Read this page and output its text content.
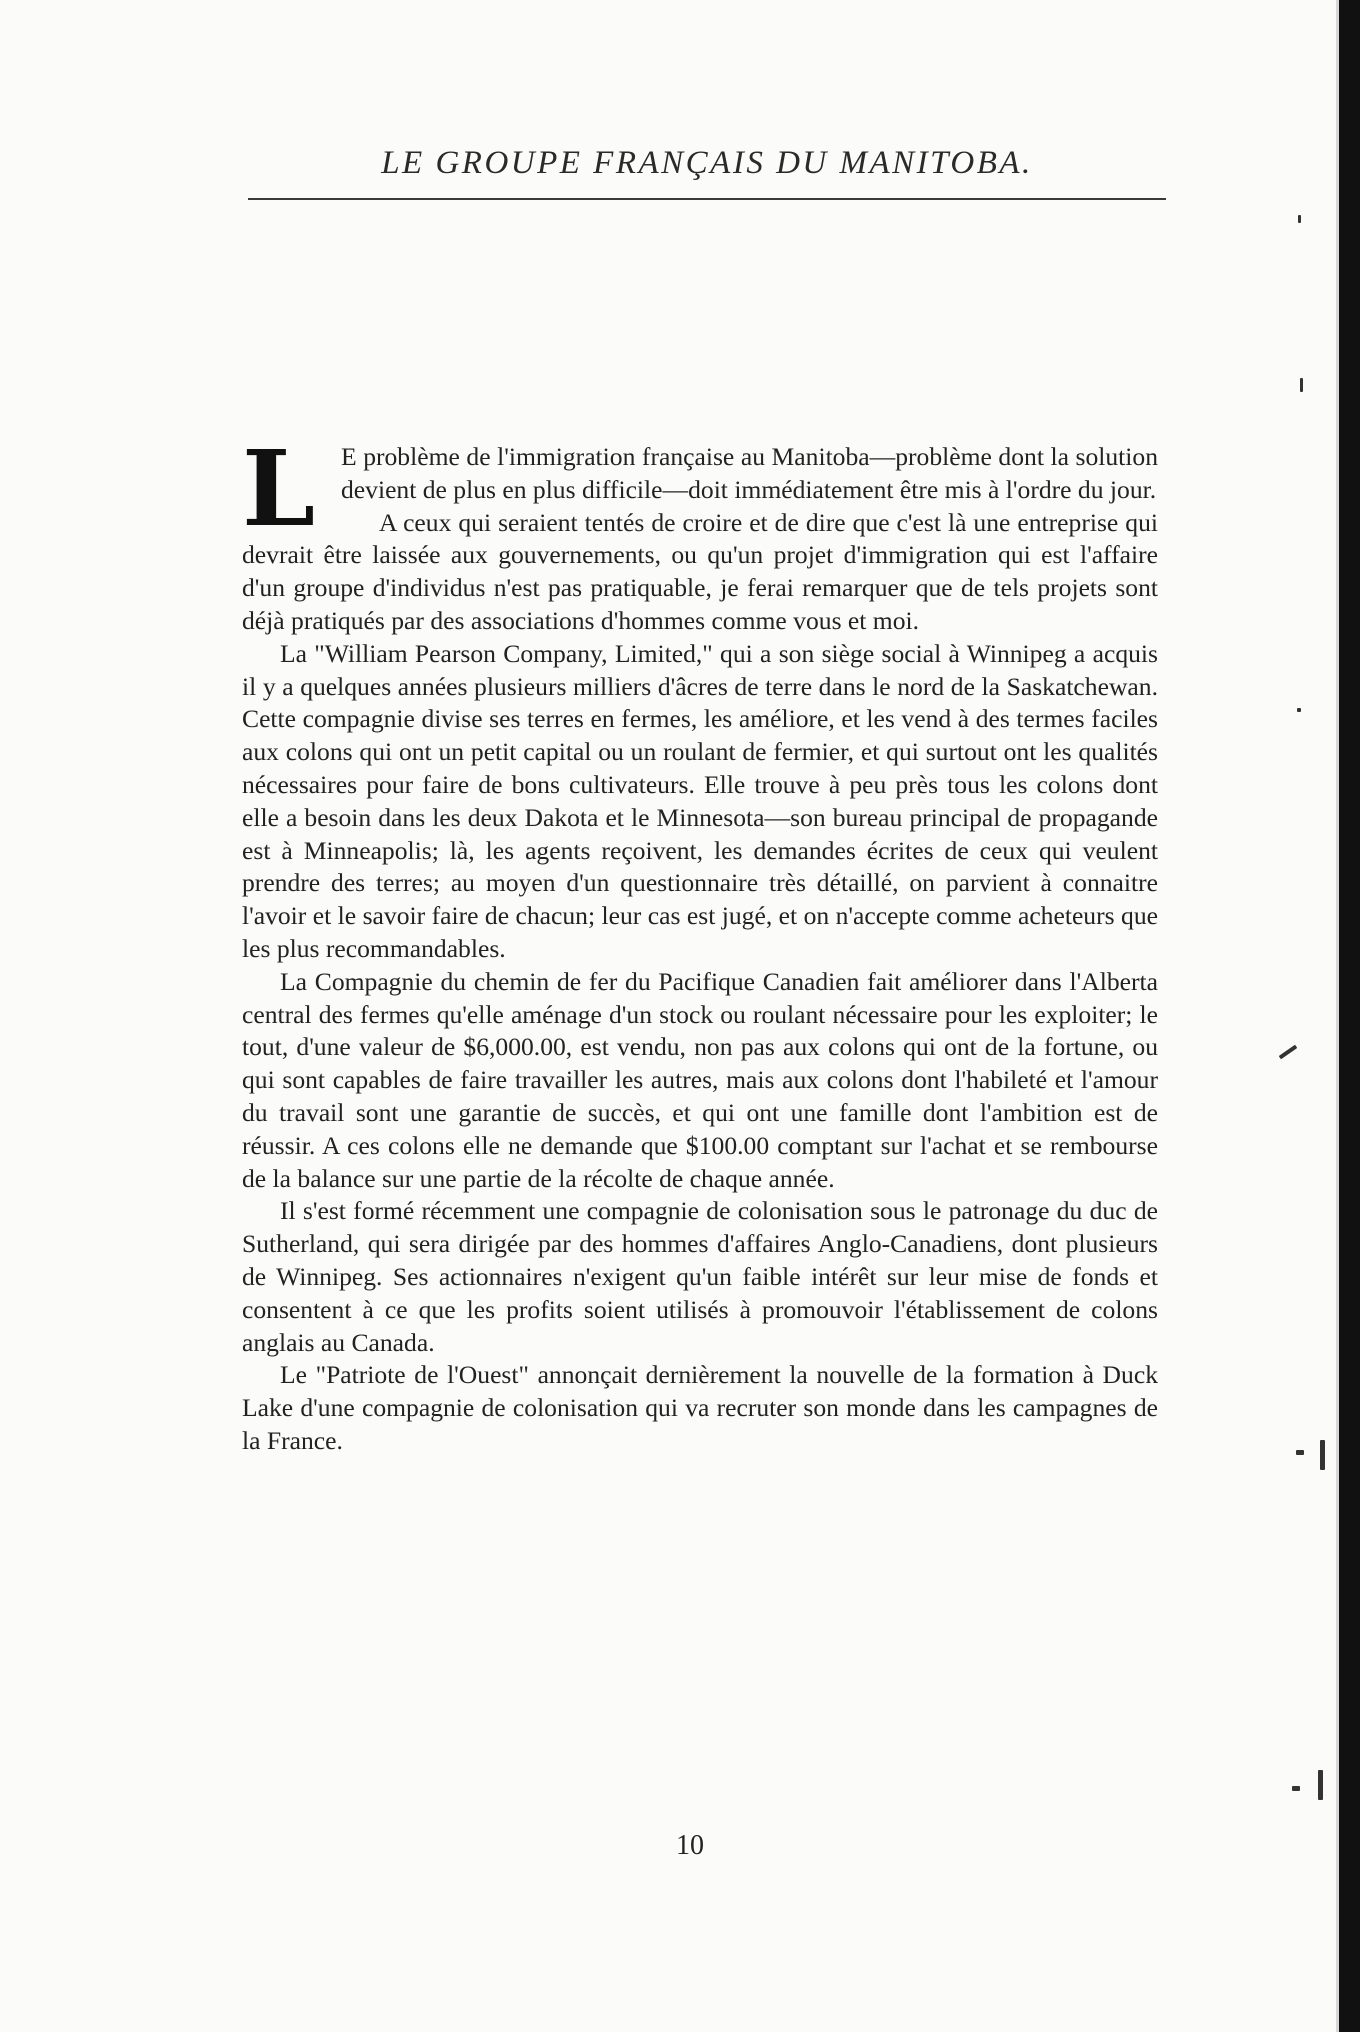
LE GROUPE FRANÇAIS DU MANITOBA.

L	E problème de l'immigration française au Manitoba—problème dont la solution devient de plus en plus difficile—doit immédiatement être mis à l'ordre du jour.

A ceux qui seraient tentés de croire et de dire que c'est là une entreprise qui devrait être laissée aux gouvernements, ou qu'un projet d'immigration qui est l'affaire d'un groupe d'individus n'est pas pratiquable, je ferai remarquer que de tels projets sont déjà pratiqués par des associations d'hommes comme vous et moi.

La "William Pearson Company, Limited," qui a son siège social à Winnipeg a acquis il y a quelques années plusieurs milliers d'âcres de terre dans le nord de la Saskatchewan. Cette compagnie divise ses terres en fermes, les améliore, et les vend à des termes faciles aux colons qui ont un petit capital ou un roulant de fermier, et qui surtout ont les qualités nécessaires pour faire de bons cultivateurs. Elle trouve à peu près tous les colons dont elle a besoin dans les deux Dakota et le Minnesota—son bureau principal de propagande est à Minneapolis; là, les agents reçoivent, les demandes écrites de ceux qui veulent prendre des terres; au moyen d'un questionnaire très détaillé, on parvient à connaitre l'avoir et le savoir faire de chacun; leur cas est jugé, et on n'accepte comme acheteurs que les plus recommandables.

La Compagnie du chemin de fer du Pacifique Canadien fait améliorer dans l'Alberta central des fermes qu'elle aménage d'un stock ou roulant nécessaire pour les exploiter; le tout, d'une valeur de $6,000.00, est vendu, non pas aux colons qui ont de la fortune, ou qui sont capables de faire travailler les autres, mais aux colons dont l'habileté et l'amour du travail sont une garantie de succès, et qui ont une famille dont l'ambition est de réussir. A ces colons elle ne demande que $100.00 comptant sur l'achat et se rembourse de la balance sur une partie de la récolte de chaque année.

Il s'est formé récemment une compagnie de colonisation sous le patronage du duc de Sutherland, qui sera dirigée par des hommes d'affaires Anglo-Canadiens, dont plusieurs de Winnipeg. Ses actionnaires n'exigent qu'un faible intérêt sur leur mise de fonds et consentent à ce que les profits soient utilisés à promouvoir l'établissement de colons anglais au Canada.

Le "Patriote de l'Ouest" annonçait dernièrement la nouvelle de la formation à Duck Lake d'une compagnie de colonisation qui va recruter son monde dans les campagnes de la France.

10
